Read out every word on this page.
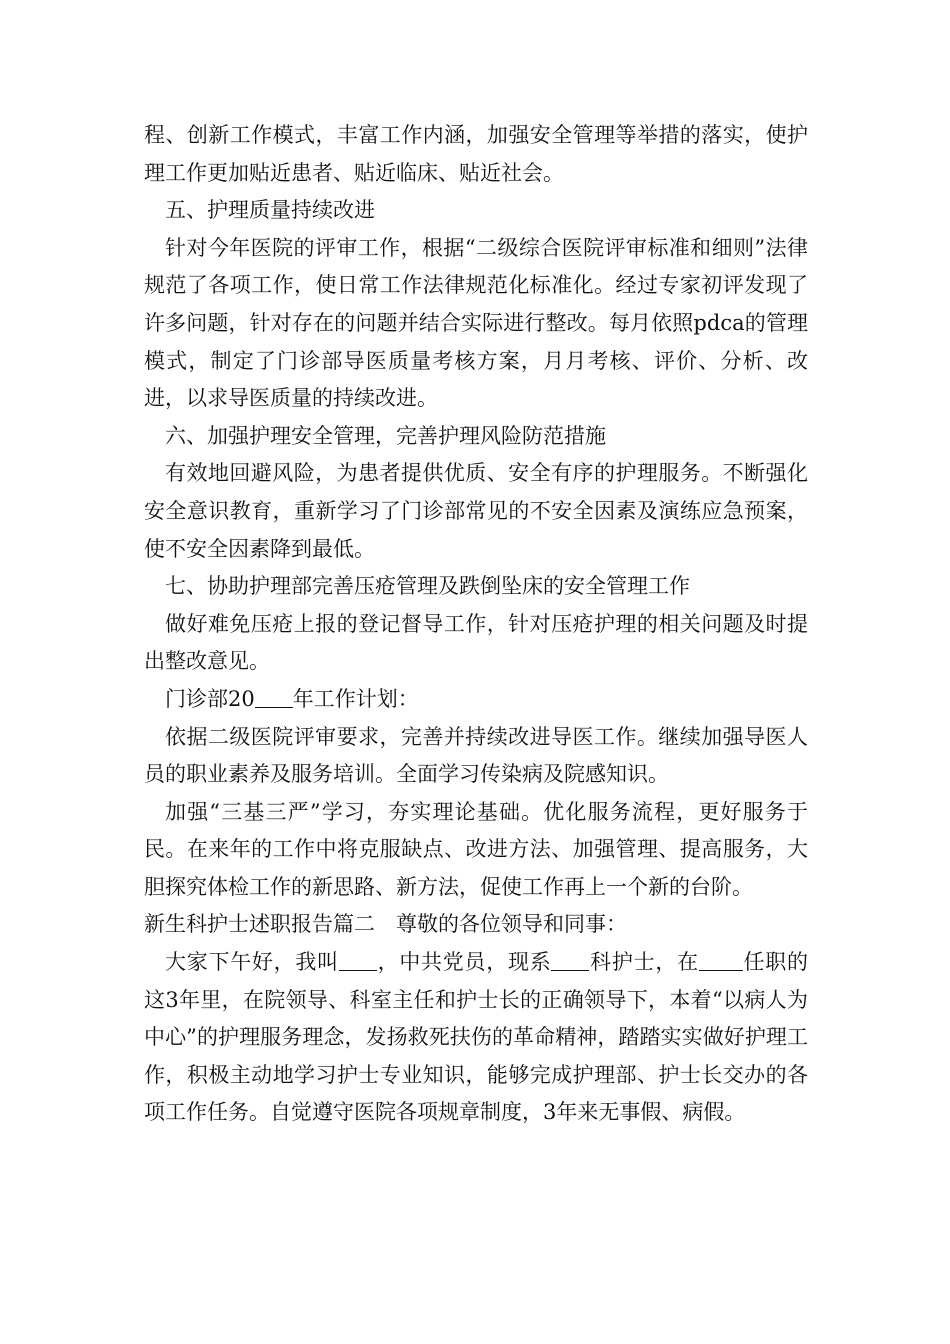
程、创新工作模式，丰富工作内涵，加强安全管理等举措的落实，使护理工作更加贴近患者、贴近临床、贴近社会。

五、护理质量持续改进

针对今年医院的评审工作，根据“二级综合医院评审标准和细则”法律规范了各项工作，使日常工作法律规范化标准化。经过专家初评发现了许多问题，针对存在的问题并结合实际进行整改。每月依照pdca的管理模式，制定了门诊部导医质量考核方案，月月考核、评价、分析、改进，以求导医质量的持续改进。

六、加强护理安全管理，完善护理风险防范措施

有效地回避风险，为患者提供优质、安全有序的护理服务。不断强化安全意识教育，重新学习了门诊部常见的不安全因素及演练应急预案，使不安全因素降到最低。

七、协助护理部完善压疮管理及跌倒坠床的安全管理工作

做好难免压疮上报的登记督导工作，针对压疮护理的相关问题及时提出整改意见。

门诊部20 年工作计划：

依据二级医院评审要求，完善并持续改进导医工作。继续加强导医人员的职业素养及服务培训。全面学习传染病及院感知识。

加强“三基三严”学习，夯实理论基础。优化服务流程，更好服务于民。在来年的工作中将克服缺点、改进方法、加强管理、提高服务，大胆探究体检工作的新思路、新方法，促使工作再上一个新的台阶。

新生科护士述职报告篇二　尊敬的各位领导和同事：

大家下午好，我叫 ，中共党员，现系 科护士，在 任职的这3年里，在院领导、科室主任和护士长的正确领导下，本着“以病人为中心”的护理服务理念，发扬救死扶伤的革命精神，踏踏实实做好护理工作，积极主动地学习护士专业知识，能够完成护理部、护士长交办的各项工作任务。自觉遵守医院各项规章制度，3年来无事假、病假。
